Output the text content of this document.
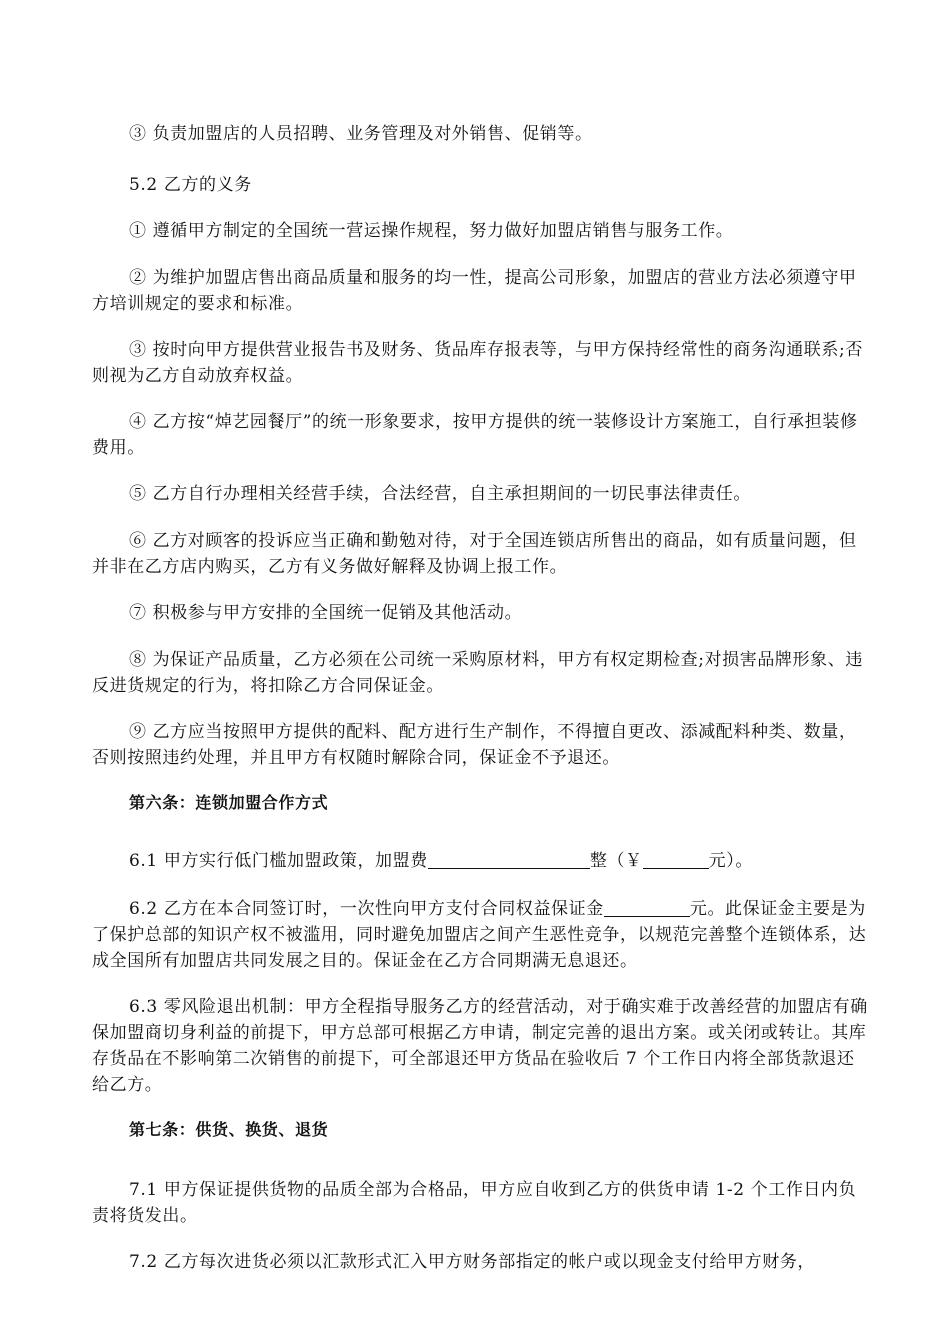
③ 负责加盟店的人员招聘、业务管理及对外销售、促销等。

5.2 乙方的义务

① 遵循甲方制定的全国统一营运操作规程，努力做好加盟店销售与服务工作。

② 为维护加盟店售出商品质量和服务的均一性，提高公司形象，加盟店的营业方法必须遵守甲方培训规定的要求和标准。

③ 按时向甲方提供营业报告书及财务、货品库存报表等，与甲方保持经常性的商务沟通联系;否则视为乙方自动放弃权益。

④ 乙方按“焯艺园餐厅”的统一形象要求，按甲方提供的统一装修设计方案施工，自行承担装修费用。

⑤ 乙方自行办理相关经营手续，合法经营，自主承担期间的一切民事法律责任。

⑥ 乙方对顾客的投诉应当正确和勤勉对待，对于全国连锁店所售出的商品，如有质量问题，但并非在乙方店内购买，乙方有义务做好解释及协调上报工作。

⑦ 积极参与甲方安排的全国统一促销及其他活动。

⑧ 为保证产品质量，乙方必须在公司统一采购原材料，甲方有权定期检查;对损害品牌形象、违反进货规定的行为，将扣除乙方合同保证金。

⑨ 乙方应当按照甲方提供的配料、配方进行生产制作，不得擅自更改、添减配料种类、数量，否则按照违约处理，并且甲方有权随时解除合同，保证金不予退还。

第六条：连锁加盟合作方式

6.1 甲方实行低门槛加盟政策，加盟费	整（￥	元）。

6.2 乙方在本合同签订时，一次性向甲方支付合同权益保证金	元。此保证金主要是为了保护总部的知识产权不被滥用，同时避免加盟店之间产生恶性竞争，以规范完善整个连锁体系，达成全国所有加盟店共同发展之目的。保证金在乙方合同期满无息退还。

6.3 零风险退出机制：甲方全程指导服务乙方的经营活动，对于确实难于改善经营的加盟店有确保加盟商切身利益的前提下，甲方总部可根据乙方申请，制定完善的退出方案。或关闭或转让。其库存货品在不影响第二次销售的前提下，可全部退还甲方货品在验收后 7 个工作日内将全部货款退还给乙方。

第七条：供货、换货、退货

7.1 甲方保证提供货物的品质全部为合格品，甲方应自收到乙方的供货申请 1-2 个工作日内负责将货发出。

7.2 乙方每次进货必须以汇款形式汇入甲方财务部指定的帐户或以现金支付给甲方财务，
